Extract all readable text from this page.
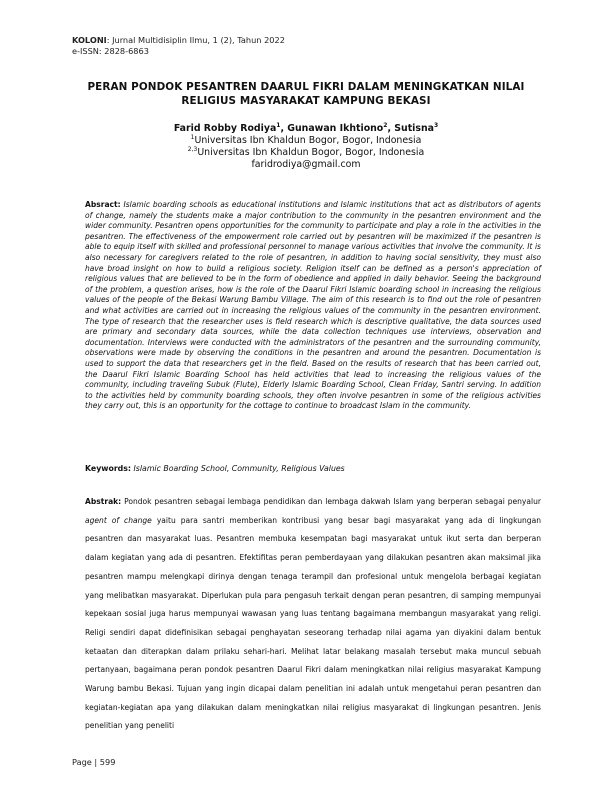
KOLONI: Jurnal Multidisiplin Ilmu, 1 (2), Tahun 2022
e-ISSN: 2828-6863
PERAN PONDOK PESANTREN DAARUL FIKRI DALAM MENINGKATKAN NILAI
RELIGIUS MASYARAKAT KAMPUNG BEKASI
Farid Robby Rodiya$^1$, Gunawan Ikhtiono$^2$, Sutisna$^3$
$^1$Universitas Ibn Khaldun Bogor, Bogor, Indonesia
$^{2,3}$Universitas Ibn Khaldun Bogor, Bogor, Indonesia
faridrodiya@gmail.com
Absract: Islamic boarding schools as educational institutions and Islamic institutions that act as distributors of agents of change, namely the students make a major contribution to the community in the pesantren environment and the wider community. Pesantren opens opportunities for the community to participate and play a role in the activities in the pesantren. The effectiveness of the empowerment role carried out by pesantren will be maximized if the pesantren is able to equip itself with skilled and professional personnel to manage various activities that involve the community. It is also necessary for caregivers related to the role of pesantren, in addition to having social sensitivity, they must also have broad insight on how to build a religious society. Religion itself can be defined as a person's appreciation of religious values that are believed to be in the form of obedience and applied in daily behavior. Seeing the background of the problem, a question arises, how is the role of the Daarul Fikri Islamic boarding school in increasing the religious values of the people of the Bekasi Warung Bambu Village. The aim of this research is to find out the role of pesantren and what activities are carried out in increasing the religious values of the community in the pesantren environment. The type of research that the researcher uses is field research which is descriptive qualitative, the data sources used are primary and secondary data sources, while the data collection techniques use interviews, observation and documentation. Interviews were conducted with the administrators of the pesantren and the surrounding community, observations were made by observing the conditions in the pesantren and around the pesantren. Documentation is used to support the data that researchers get in the field. Based on the results of research that has been carried out, the Daarul Fikri Islamic Boarding School has held activities that lead to increasing the religious values of the community, including traveling Subuk (Flute), Elderly Islamic Boarding School, Clean Friday, Santri serving. In addition to the activities held by community boarding schools, they often involve pesantren in some of the religious activities they carry out, this is an opportunity for the cottage to continue to broadcast Islam in the community.
Keywords: Islamic Boarding School, Community, Religious Values
Abstrak: Pondok pesantren sebagai lembaga pendidikan dan lembaga dakwah Islam yang berperan sebagai penyalur agent of change yaitu para santri memberikan kontribusi yang besar bagi masyarakat yang ada di lingkungan pesantren dan masyarakat luas. Pesantren membuka kesempatan bagi masyarakat untuk ikut serta dan berperan dalam kegiatan yang ada di pesantren. Efektifitas peran pemberdayaan yang dilakukan pesantren akan maksimal jika pesantren mampu melengkapi dirinya dengan tenaga terampil dan profesional untuk mengelola berbagai kegiatan yang melibatkan masyarakat. Diperlukan pula para pengasuh terkait dengan peran pesantren, di samping mempunyai kepekaan sosial juga harus mempunyai wawasan yang luas tentang bagaimana membangun masyarakat yang religi. Religi sendiri dapat didefinisikan sebagai penghayatan seseorang terhadap nilai agama yan diyakini dalam bentuk ketaatan dan diterapkan dalam prilaku sehari-hari. Melihat latar belakang masalah tersebut maka muncul sebuah pertanyaan, bagaimana peran pondok pesantren Daarul Fikri dalam meningkatkan nilai religius masyarakat Kampung Warung bambu Bekasi. Tujuan yang ingin dicapai dalam penelitian ini adalah untuk mengetahui peran pesantren dan kegiatan-kegiatan apa yang dilakukan dalam meningkatkan nilai religius masyarakat di lingkungan pesantren. Jenis penelitian yang peneliti
Page | 599
